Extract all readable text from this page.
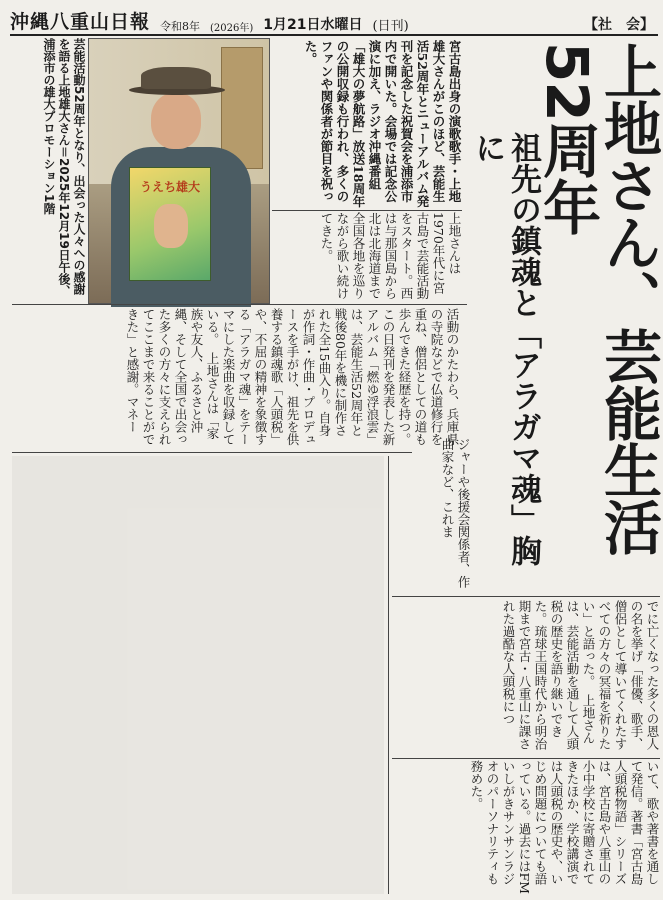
沖縄八重山日報 令和8年 (2026年) 1月21日水曜日 (日刊)	【社　会】
上地さん、芸能生活52周年
祖先の鎮魂と「アラガマ魂」胸に
うえち雄大
芸能活動52周年となり、出会った人々への感謝を語る上地雄大さん＝2025年12月19日午後、浦添市の雄大プロモーション1階	宮古島出身の演歌歌手・上地雄大さんがこのほど、芸能生活52周年とニューアルバム発刊を記念した祝賀会を浦添市内で開いた。会場では記念公演に加え、ラジオ沖縄番組「雄大の夢航路」放送18周年の公開収録も行われ、多くのファンや関係者が節目を祝った。
上地さんは1970年代に宮古島で芸能活動をスタート。西は与那国島から北は北海道まで全国各地を巡りながら歌い続けてきた。
活動のかたわら、兵庫県の寺院などで仏道修行を重ね、僧侶としての道も歩んできた経歴を持つ。この日発刊を発表した新アルバム「燃ゆ浮浪雲」は、芸能生活52周年と戦後80年を機に制作された全15曲入り。自身が作詞・作曲・プロデュースを手がけ、祖先を供養する鎮魂歌「人頭税」や、不屈の精神を象徴する「アラガマ魂」をテーマにした楽曲を収録している。　上地さんは「家族や友人、ふるさと沖縄、そして全国で出会った多くの方々に支えられてここまで来ることができた」と感謝。マネー
ジャーや後援会関係者、作曲家など、これま
でに亡くなった多くの恩人の名を挙げ「俳優、歌手、僧侶として導いてくれたすべての方々の冥福を祈りたい」と語った。　上地さんは、芸能活動を通して人頭税の歴史を語り継いできた。琉球王国時代から明治期まで宮古・八重山に課された過酷な人頭税につ
いて、歌や著書を通して発信。著書「宮古島人頭税物語」シリーズは、宮古島や八重山の小中学校に寄贈されてきたほか、学校講演では人頭税の歴史や、いじめ問題についても語っている。過去にはFMいしがきサンサンラジオのパーソナリティも務めた。
